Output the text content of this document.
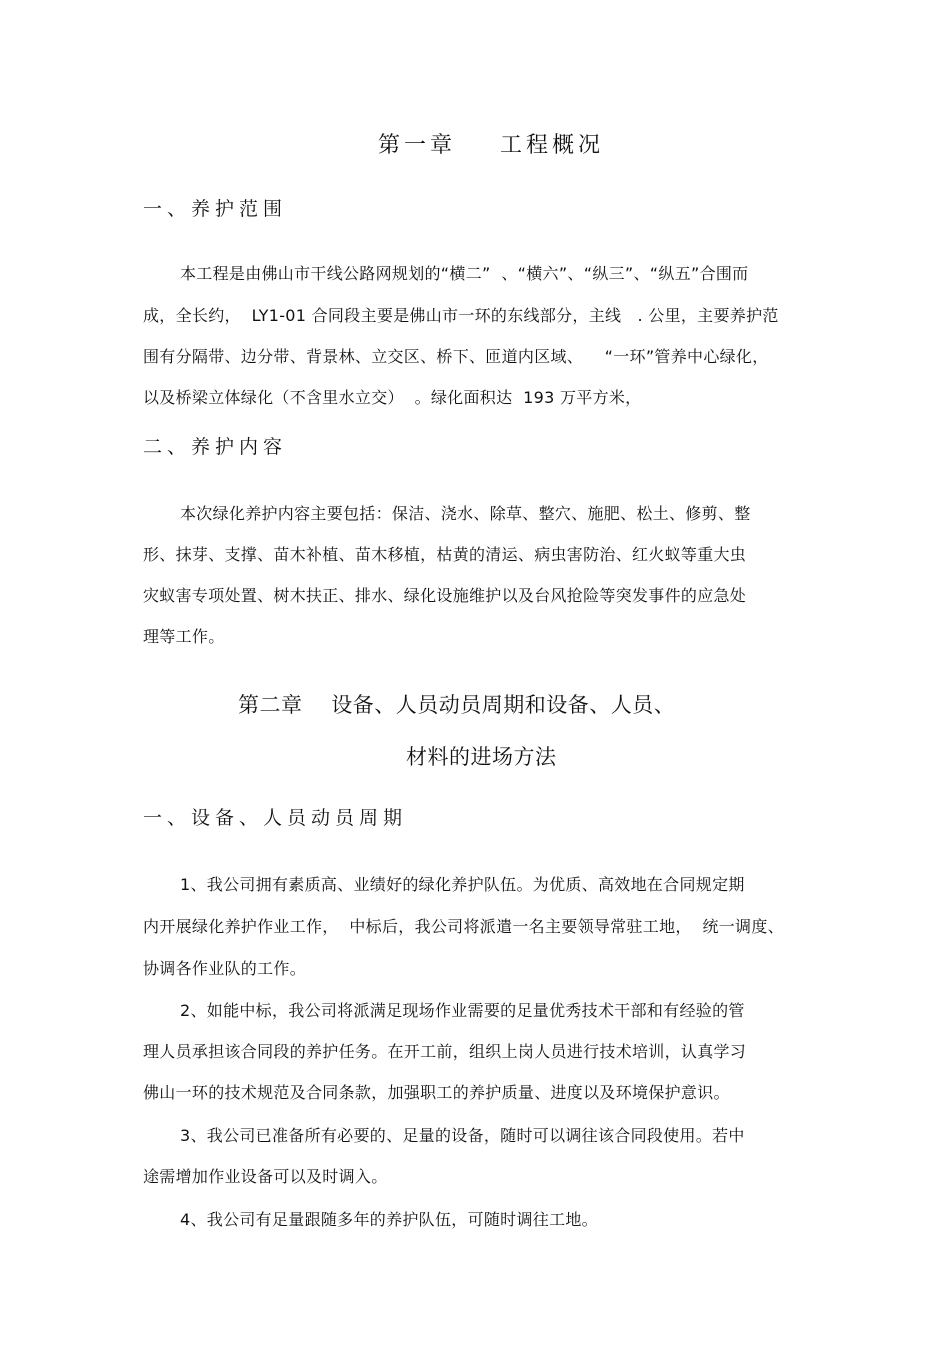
第一章    工程概况
一、养护范围
本工程是由佛山市干线公路网规划的“横二”  、“横六”、“纵三”、“纵五”合围而
成，全长约，  LY1-01 合同段主要是佛山市一环的东线部分，主线   . 公里，主要养护范
围有分隔带、边分带、背景林、立交区、桥下、匝道内区域、    “一环”管养中心绿化，
以及桥梁立体绿化（不含里水立交）  。绿化面积达  193 万平方米，
二、养护内容
本次绿化养护内容主要包括：保洁、浇水、除草、整穴、施肥、松土、修剪、整
形、抹芽、支撑、苗木补植、苗木移植，枯黄的清运、病虫害防治、红火蚁等重大虫
灾蚁害专项处置、树木扶正、排水、绿化设施维护以及台风抢险等突发事件的应急处
理等工作。
第二章    设备、人员动员周期和设备、人员、
材料的进场方法
一、设备、人员动员周期
1、我公司拥有素质高、业绩好的绿化养护队伍。为优质、高效地在合同规定期
内开展绿化养护作业工作，  中标后，我公司将派遣一名主要领导常驻工地，  统一调度、
协调各作业队的工作。
2、如能中标，我公司将派满足现场作业需要的足量优秀技术干部和有经验的管
理人员承担该合同段的养护任务。在开工前，组织上岗人员进行技术培训，认真学习
佛山一环的技术规范及合同条款，加强职工的养护质量、进度以及环境保护意识。
3、我公司已准备所有必要的、足量的设备，随时可以调往该合同段使用。若中
途需增加作业设备可以及时调入。
4、我公司有足量跟随多年的养护队伍，可随时调往工地。
